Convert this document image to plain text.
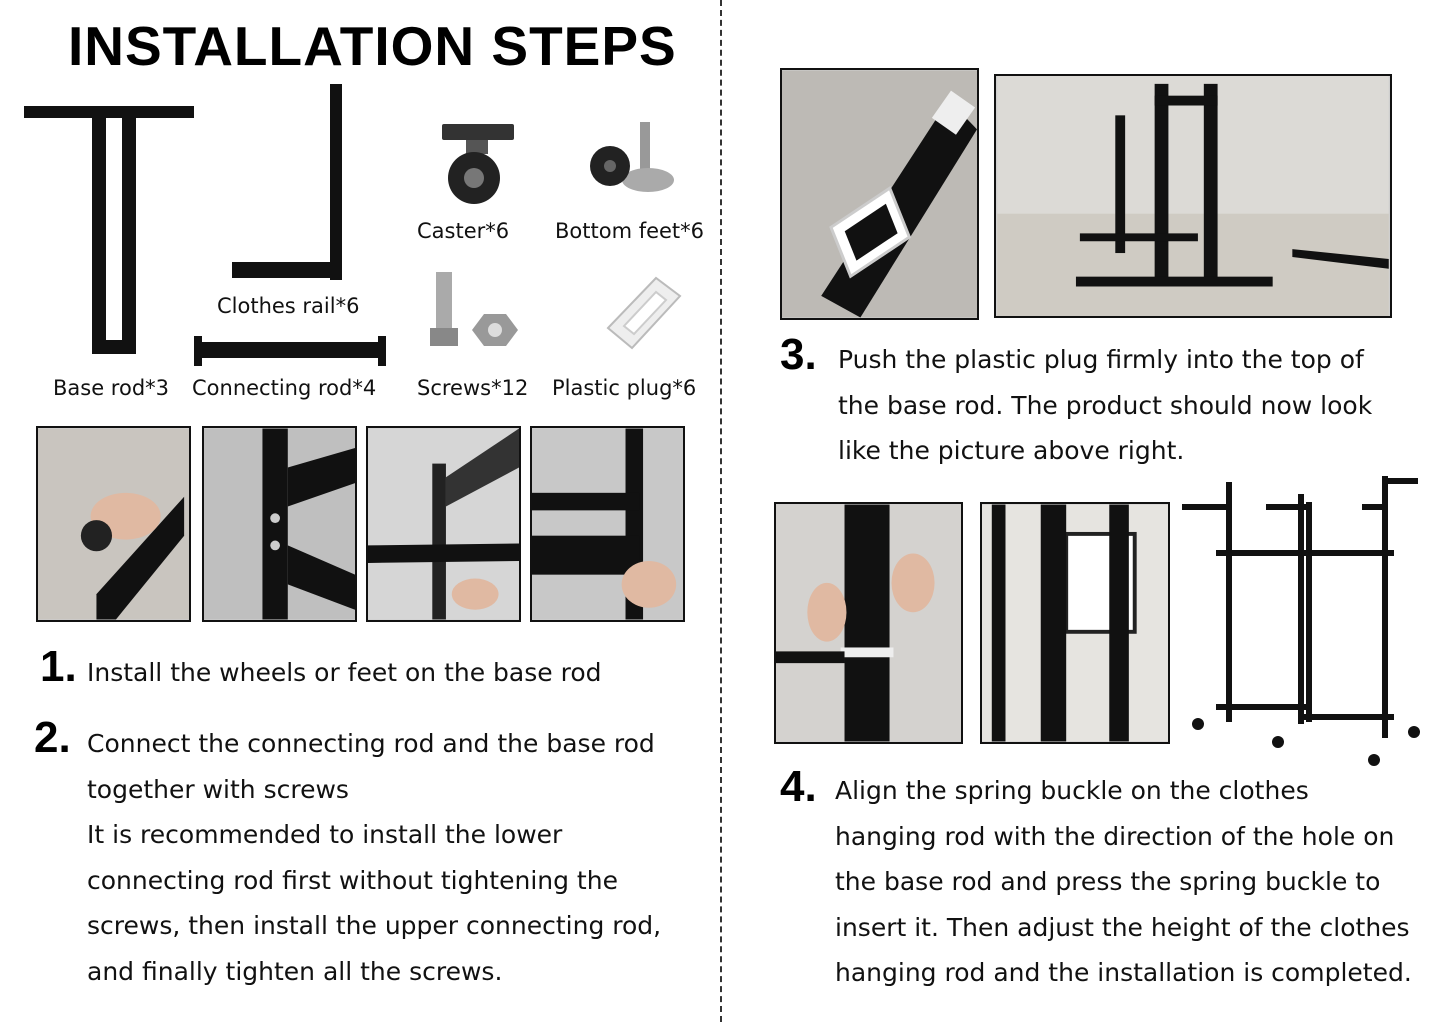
INSTALLATION STEPS
Base rod*3
Clothes rail*6
Connecting rod*4
Caster*6 Bottom feet*6
Screws*12 Plastic plug*6
1. Install the wheels or feet on the base rod
2. Connect the connecting rod and the base rod
together with screws
It is recommended to install the lower
connecting rod first without tightening the
screws, then install the upper connecting rod,
and finally tighten all the screws.
3. Push the plastic plug firmly into the top of
the base rod. The product should now look
like the picture above right.
4. Align the spring buckle on the clothes
hanging rod with the direction of the hole on
the base rod and press the spring buckle to
insert it. Then adjust the height of the clothes
hanging rod and the installation is completed.
